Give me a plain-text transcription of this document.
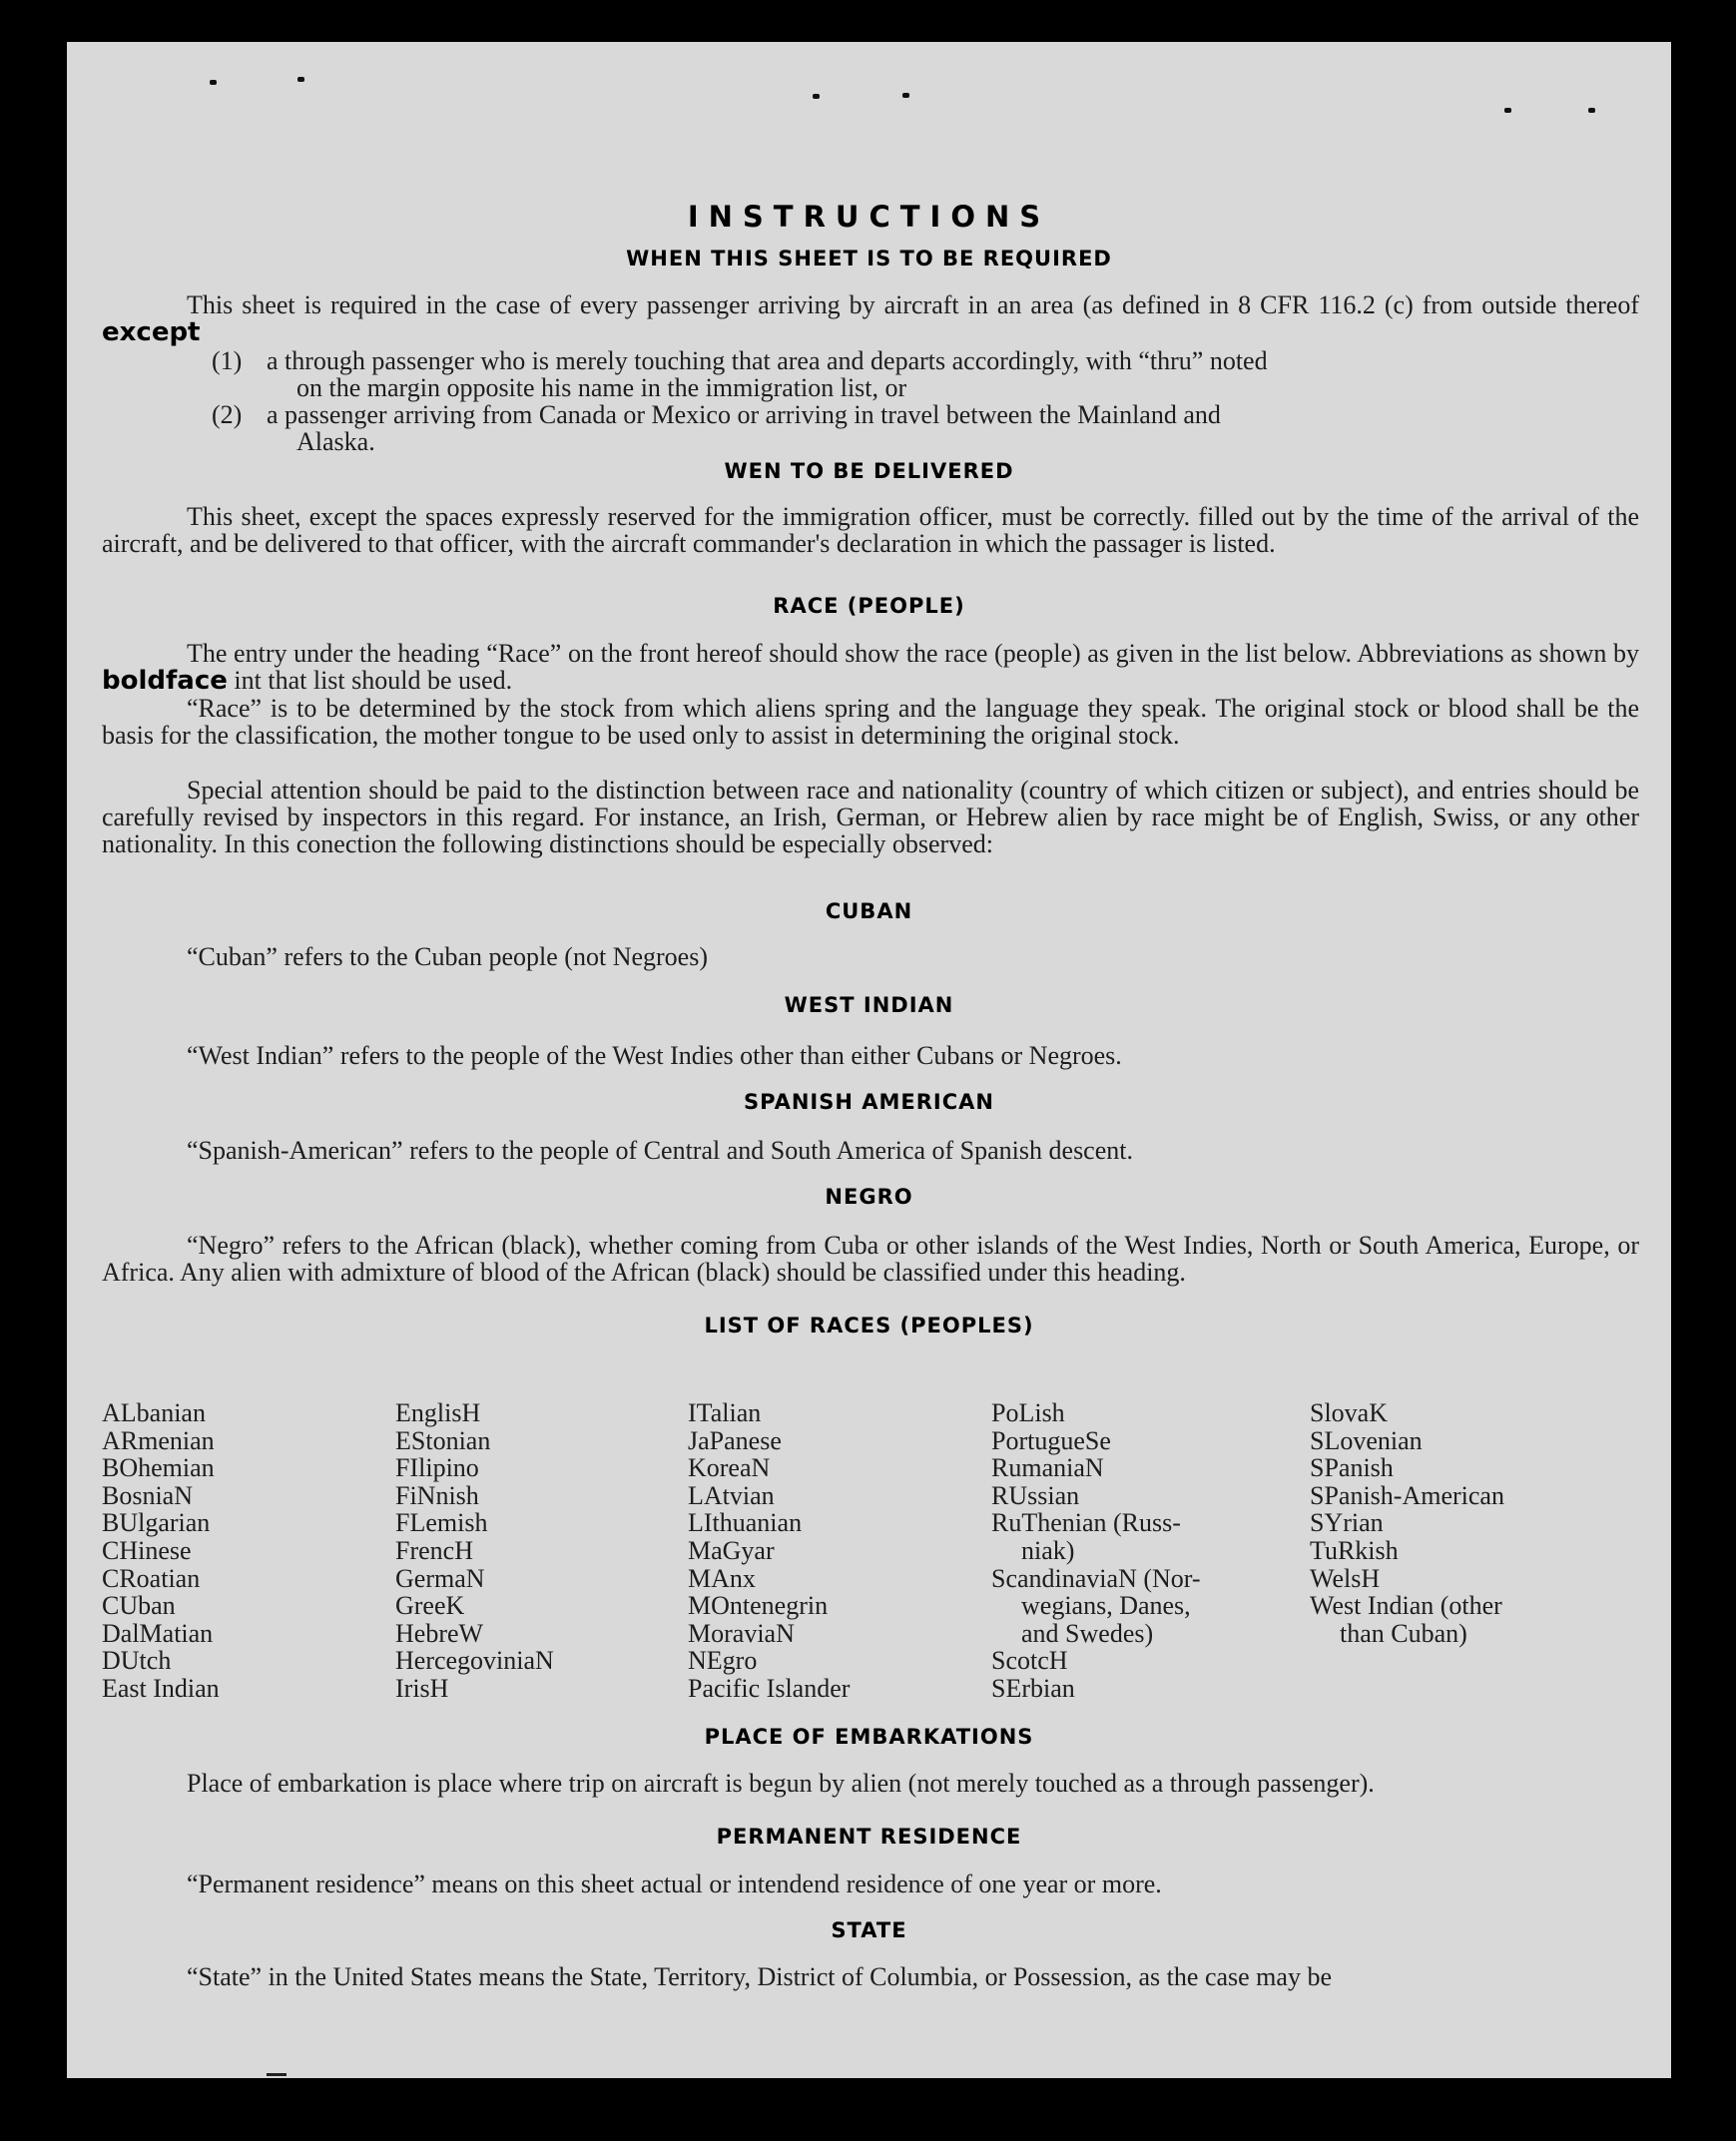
INSTRUCTIONS
WHEN THIS SHEET IS TO BE REQUIRED
This sheet is required in the case of every passenger arriving by aircraft in an area (as defined in 8 CFR 116.2 (c) from outside thereof except
(1) a through passenger who is merely touching that area and departs accordingly, with “thru” noted
on the margin opposite his name in the immigration list, or
(2) a passenger arriving from Canada or Mexico or arriving in travel between the Mainland and
Alaska.
WEN TO BE DELIVERED
This sheet, except the spaces expressly reserved for the immigration officer, must be correctly. filled out by the time of the arrival of the aircraft, and be delivered to that officer, with the aircraft commander's declaration in which the passager is listed.
RACE (PEOPLE)
The entry under the heading “Race” on the front hereof should show the race (people) as given in the list below. Abbreviations as shown by boldface int that list should be used.
“Race” is to be determined by the stock from which aliens spring and the language they speak. The original stock or blood shall be the basis for the classification, the mother tongue to be used only to assist in determining the original stock.
Special attention should be paid to the distinction between race and nationality (country of which citizen or subject), and entries should be carefully revised by inspectors in this regard. For instance, an Irish, German, or Hebrew alien by race might be of English, Swiss, or any other nationality. In this conection the following distinctions should be especially observed:
CUBAN
“Cuban” refers to the Cuban people (not Negroes)
WEST INDIAN
“West Indian” refers to the people of the West Indies other than either Cubans or Negroes.
SPANISH AMERICAN
“Spanish-American” refers to the people of Central and South America of Spanish descent.
NEGRO
“Negro” refers to the African (black), whether coming from Cuba or other islands of the West Indies, North or South America, Europe, or Africa. Any alien with admixture of blood of the African (black) should be classified under this heading.
LIST OF RACES (PEOPLES)
ALbanian
ARmenian
BOhemian
BosniaN
BUlgarian
CHinese
CRoatian
CUban
DalMatian
DUtch
East Indian
EnglisH
EStonian
FIlipino
FiNnish
FLemish
FrencH
GermaN
GreeK
HebreW
HercegoviniaN
IrisH
ITalian
JaPanese
KoreaN
LAtvian
LIthuanian
MaGyar
MAnx
MOntenegrin
MoraviaN
NEgro
Pacific Islander
PoLish
PortugueSe
RumaniaN
RUssian
RuThenian (Russ-
niak)
ScandinaviaN (Nor-
wegians, Danes,
and Swedes)
ScotcH
SErbian
SlovaK
SLovenian
SPanish
SPanish-American
SYrian
TuRkish
WelsH
West Indian (other
than Cuban)
PLACE OF EMBARKATIONS
Place of embarkation is place where trip on aircraft is begun by alien (not merely touched as a through passenger).
PERMANENT RESIDENCE
“Permanent residence” means on this sheet actual or intendend residence of one year or more.
STATE
“State” in the United States means the State, Territory, District of Columbia, or Possession, as the case may be
